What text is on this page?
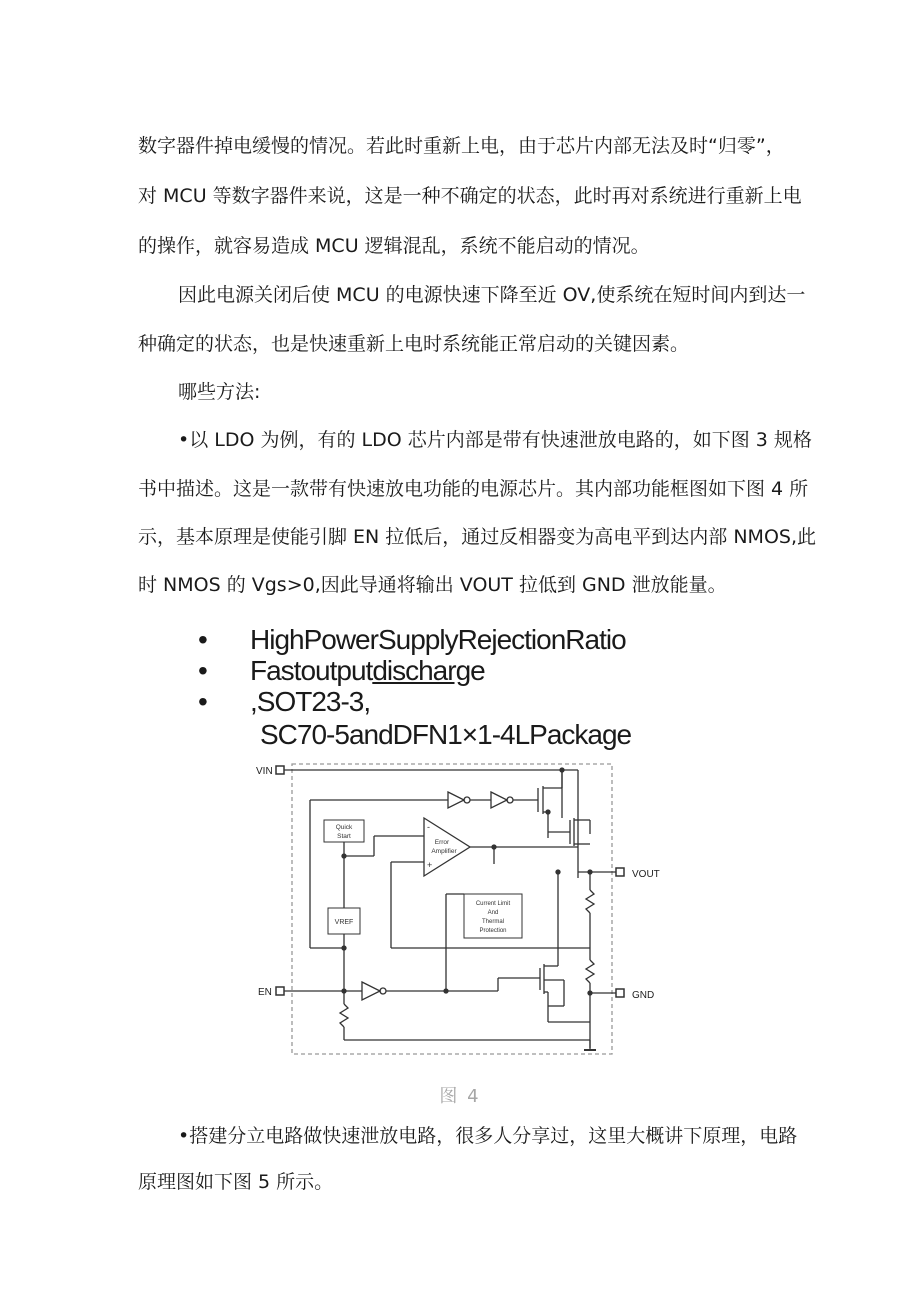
数字器件掉电缓慢的情况。若此时重新上电，由于芯片内部无法及时“归零”，
对 MCU 等数字器件来说，这是一种不确定的状态，此时再对系统进行重新上电
的操作，就容易造成 MCU 逻辑混乱，系统不能启动的情况。
因此电源关闭后使 MCU 的电源快速下降至近 OV,使系统在短时间内到达一
种确定的状态，也是快速重新上电时系统能正常启动的关键因素。
哪些方法:
•以 LDO 为例，有的 LDO 芯片内部是带有快速泄放电路的，如下图 3 规格
书中描述。这是一款带有快速放电功能的电源芯片。其内部功能框图如下图 4 所
示，基本原理是使能引脚 EN 拉低后，通过反相器变为高电平到达内部 NMOS,此
时 NMOS 的 Vgs>0,因此导通将输出 VOUT 拉低到 GND 泄放能量。
•	HighPowerSupplyRejectionRatio
•	Fastoutputdischarge
•	,SOT23-3,
SC70-5andDFN1×1-4LPackage
VIN
Quick
Start
VREF
-
+
Error
Amplifier
Current Limit
And
Thermal
Protection
VOUT
GND
EN
图 4
•搭建分立电路做快速泄放电路，很多人分享过，这里大概讲下原理，电路
原理图如下图 5 所示。
